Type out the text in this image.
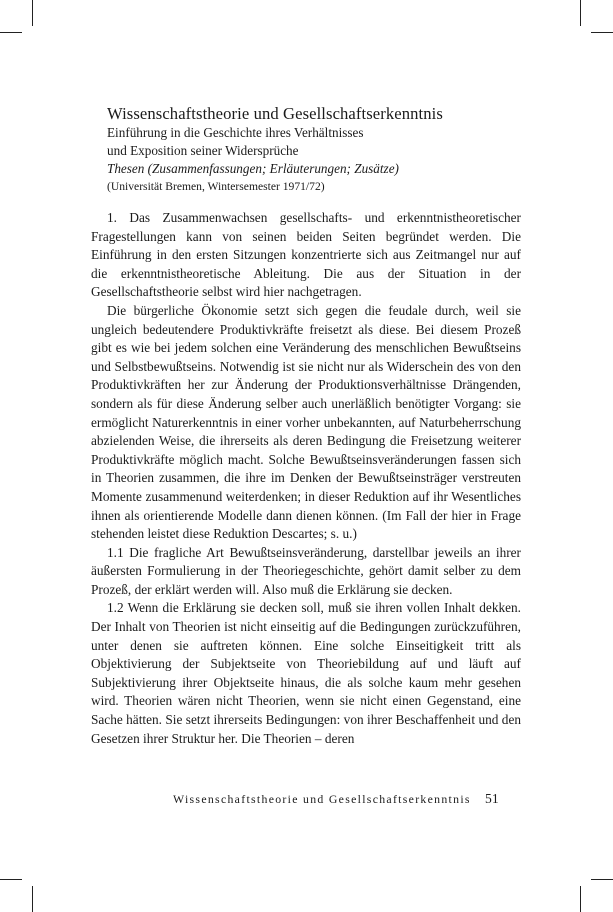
Wissenschaftstheorie und Gesellschaftserkenntnis
Einführung in die Geschichte ihres Verhältnisses
und Exposition seiner Widersprüche
Thesen (Zusammenfassungen; Erläuterungen; Zusätze)
(Universität Bremen, Wintersemester 1971/72)

1. Das Zusammenwachsen gesellschafts- und erkenntnistheoretischer Fragestellungen kann von seinen beiden Seiten begründet werden. Die Einführung in den ersten Sitzungen konzentrierte sich aus Zeitmangel nur auf die erkenntnistheoretische Ableitung. Die aus der Situation in der Gesellschaftstheorie selbst wird hier nachgetragen.

Die bürgerliche Ökonomie setzt sich gegen die feudale durch, weil sie ungleich bedeutendere Produktivkräfte freisetzt als diese. Bei diesem Prozeß gibt es wie bei jedem solchen eine Veränderung des menschlichen Bewußtseins und Selbstbewußtseins. Notwendig ist sie nicht nur als Widerschein des von den Produktivkräften her zur Änderung der Produktionsverhältnisse Drängenden, sondern als für diese Änderung selber auch unerläßlich benötigter Vorgang: sie ermöglicht Naturerkenntnis in einer vorher unbekannten, auf Naturbeherrschung abzielenden Weise, die ihrerseits als deren Bedingung die Freisetzung weiterer Produktivkräfte möglich macht. Solche Bewußtseinsveränderungen fassen sich in Theorien zusammen, die ihre im Denken der Bewußtseinsträger verstreuten Momente zusammenund weiterdenken; in dieser Reduktion auf ihr Wesentliches ihnen als orientierende Modelle dann dienen können. (Im Fall der hier in Frage stehenden leistet diese Reduktion Descartes; s. u.)

1.1 Die fragliche Art Bewußtseinsveränderung, darstellbar jeweils an ihrer äußersten Formulierung in der Theoriegeschichte, gehört damit selber zu dem Prozeß, der erklärt werden will. Also muß die Erklärung sie decken.

1.2 Wenn die Erklärung sie decken soll, muß sie ihren vollen Inhalt dekken. Der Inhalt von Theorien ist nicht einseitig auf die Bedingungen zurückzuführen, unter denen sie auftreten können. Eine solche Einseitigkeit tritt als Objektivierung der Subjektseite von Theoriebildung auf und läuft auf Subjektivierung ihrer Objektseite hinaus, die als solche kaum mehr gesehen wird. Theorien wären nicht Theorien, wenn sie nicht einen Gegenstand, eine Sache hätten. Sie setzt ihrerseits Bedingungen: von ihrer Beschaffenheit und den Gesetzen ihrer Struktur her. Die Theorien – deren

Wissenschaftstheorie und Gesellschaftserkenntnis 51
